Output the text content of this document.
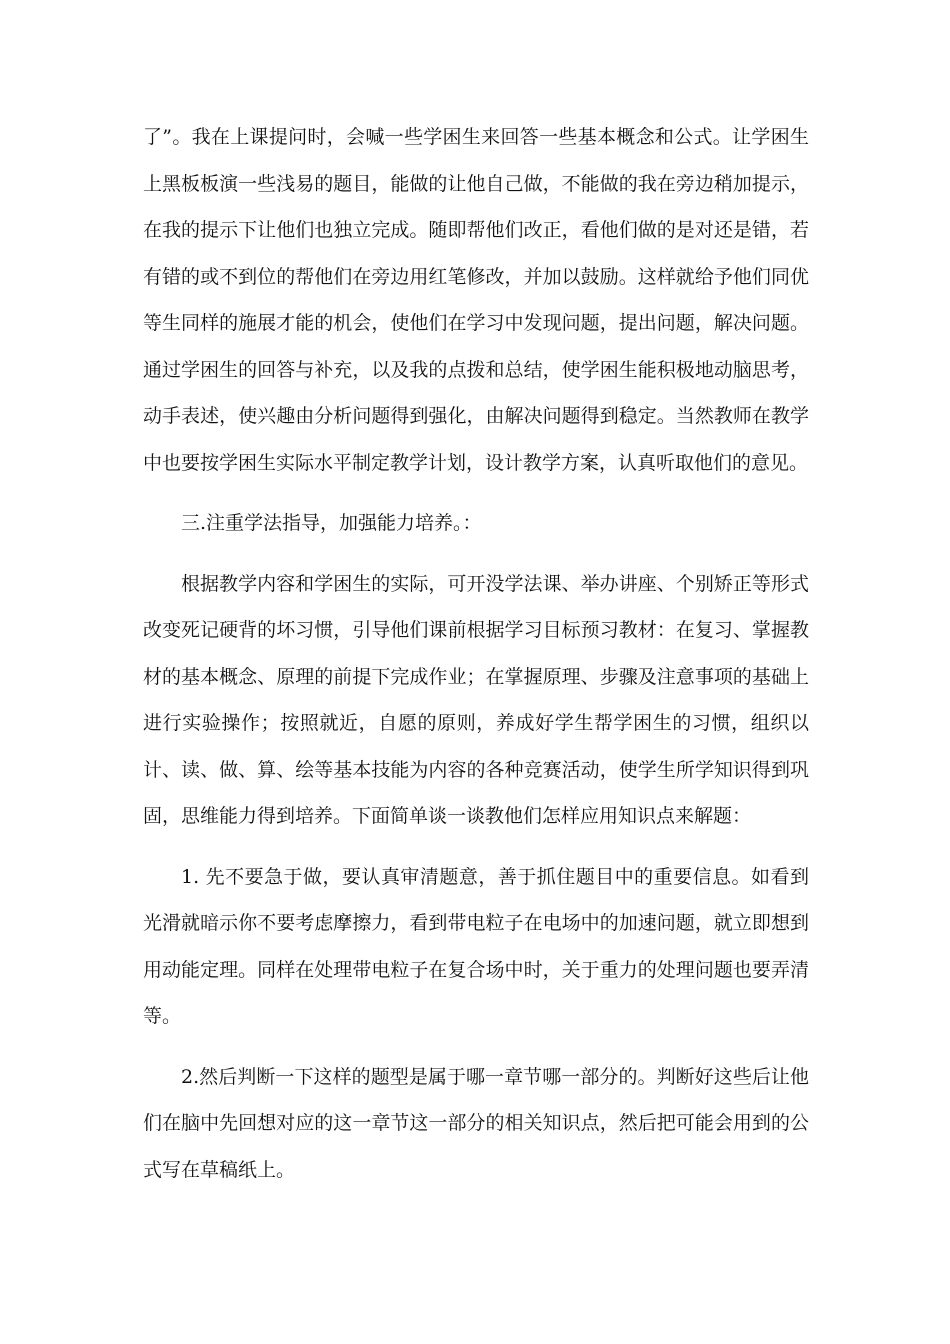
了”。我在上课提问时，会喊一些学困生来回答一些基本概念和公式。让学困生上黑板板演一些浅易的题目，能做的让他自己做，不能做的我在旁边稍加提示，在我的提示下让他们也独立完成。随即帮他们改正，看他们做的是对还是错，若有错的或不到位的帮他们在旁边用红笔修改，并加以鼓励。这样就给予他们同优等生同样的施展才能的机会，使他们在学习中发现问题，提出问题，解决问题。通过学困生的回答与补充，以及我的点拨和总结，使学困生能积极地动脑思考，动手表述，使兴趣由分析问题得到强化，由解决问题得到稳定。当然教师在教学中也要按学困生实际水平制定教学计划，设计教学方案，认真听取他们的意见。

三.注重学法指导，加强能力培养。：

根据教学内容和学困生的实际，可开没学法课、举办讲座、个别矫正等形式改变死记硬背的坏习惯，引导他们课前根据学习目标预习教材：在复习、掌握教材的基本概念、原理的前提下完成作业；在掌握原理、步骤及注意事项的基础上进行实验操作；按照就近，自愿的原则，养成好学生帮学困生的习惯，组织以计、读、做、算、绘等基本技能为内容的各种竞赛活动，使学生所学知识得到巩固，思维能力得到培养。下面简单谈一谈教他们怎样应用知识点来解题：

1. 先不要急于做，要认真审清题意，善于抓住题目中的重要信息。如看到光滑就暗示你不要考虑摩擦力，看到带电粒子在电场中的加速问题，就立即想到用动能定理。同样在处理带电粒子在复合场中时，关于重力的处理问题也要弄清等。

2.然后判断一下这样的题型是属于哪一章节哪一部分的。判断好这些后让他们在脑中先回想对应的这一章节这一部分的相关知识点，然后把可能会用到的公式写在草稿纸上。
